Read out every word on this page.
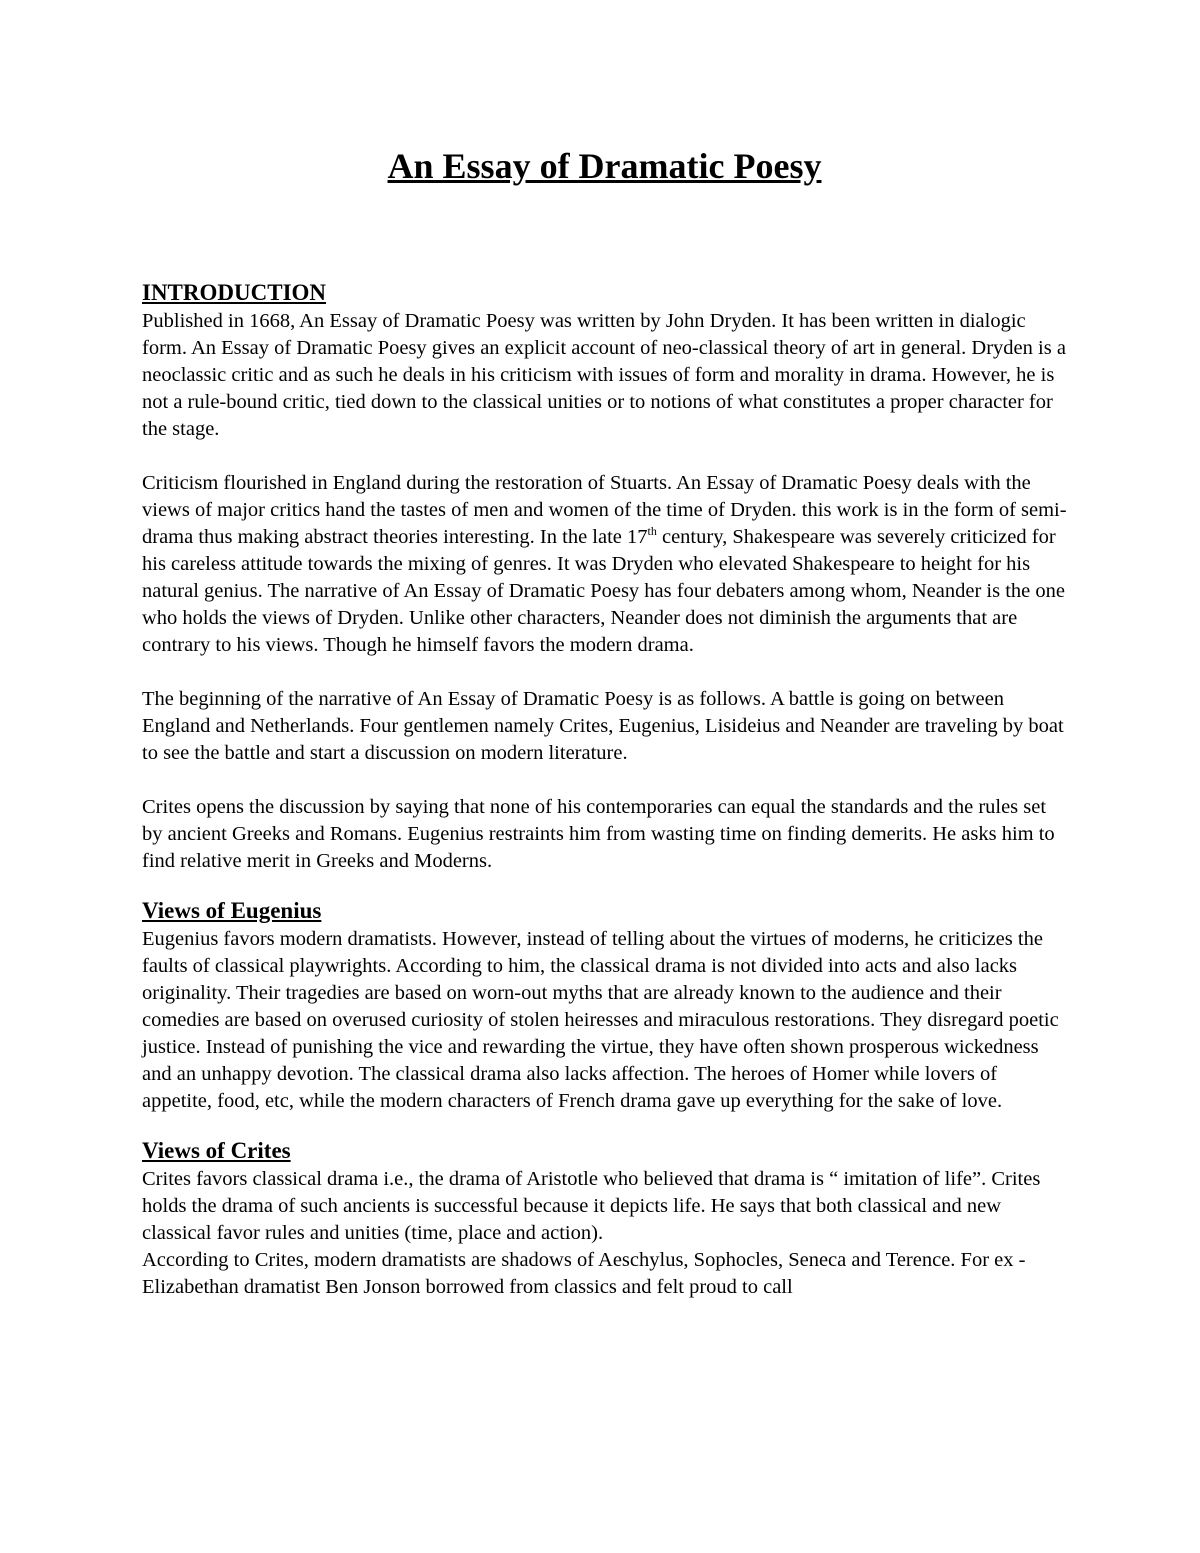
An Essay of Dramatic Poesy
INTRODUCTION

Published in 1668, An Essay of Dramatic Poesy was written by John Dryden. It has been written in dialogic form. An Essay of Dramatic Poesy gives an explicit account of neo-classical theory of art in general. Dryden is a neoclassic critic and as such he deals in his criticism with issues of form and morality in drama. However, he is not a rule-bound critic, tied down to the classical unities or to notions of what constitutes a proper character for the stage.

Criticism flourished in England during the restoration of Stuarts. An Essay of Dramatic Poesy deals with the views of major critics hand the tastes of men and women of the time of Dryden. this work is in the form of semi-drama thus making abstract theories interesting. In the late 17th century, Shakespeare was severely criticized for his careless attitude towards the mixing of genres. It was Dryden who elevated Shakespeare to height for his natural genius. The narrative of An Essay of Dramatic Poesy has four debaters among whom, Neander is the one who holds the views of Dryden. Unlike other characters, Neander does not diminish the arguments that are contrary to his views. Though he himself favors the modern drama.

The beginning of the narrative of An Essay of Dramatic Poesy is as follows. A battle is going on between England and Netherlands. Four gentlemen namely Crites, Eugenius, Lisideius and Neander are traveling by boat to see the battle and start a discussion on modern literature.

Crites opens the discussion by saying that none of his contemporaries can equal the standards and the rules set by ancient Greeks and Romans. Eugenius restraints him from wasting time on finding demerits. He asks him to find relative merit in Greeks and Moderns.

Views of Eugenius

Eugenius favors modern dramatists. However, instead of telling about the virtues of moderns, he criticizes the faults of classical playwrights. According to him, the classical drama is not divided into acts and also lacks originality. Their tragedies are based on worn-out myths that are already known to the audience and their comedies are based on overused curiosity of stolen heiresses and miraculous restorations. They disregard poetic justice. Instead of punishing the vice and rewarding the virtue, they have often shown prosperous wickedness and an unhappy devotion. The classical drama also lacks affection. The heroes of Homer while lovers of appetite, food, etc, while the modern characters of French drama gave up everything for the sake of love.

Views of Crites

Crites favors classical drama i.e., the drama of Aristotle who believed that drama is “ imitation of life”. Crites holds the drama of such ancients is successful because it depicts life. He says that both classical and new classical favor rules and unities (time, place and action).

According to Crites, modern dramatists are shadows of Aeschylus, Sophocles, Seneca and Terence. For ex - Elizabethan dramatist Ben Jonson borrowed from classics and felt proud to call
